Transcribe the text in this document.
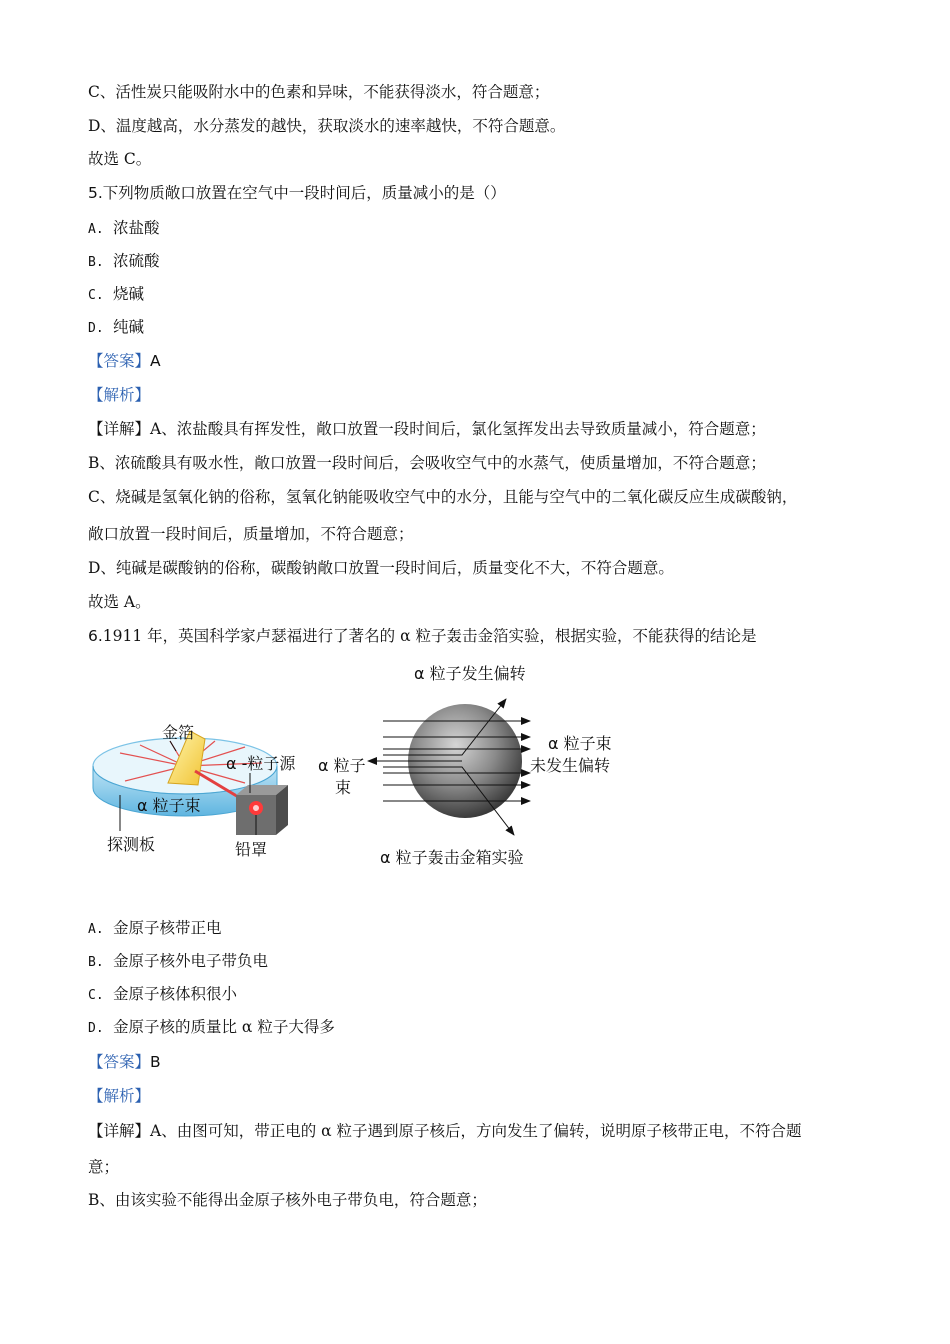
C、活性炭只能吸附水中的色素和异味，不能获得淡水，符合题意；
D、温度越高，水分蒸发的越快，获取淡水的速率越快，不符合题意。
故选 C。
5.下列物质敞口放置在空气中一段时间后，质量减小的是（）
A. 浓盐酸
B. 浓硫酸
C. 烧碱
D. 纯碱
【答案】A
【解析】
【详解】A、浓盐酸具有挥发性，敞口放置一段时间后，氯化氢挥发出去导致质量减小，符合题意；
B、浓硫酸具有吸水性，敞口放置一段时间后，会吸收空气中的水蒸气，使质量增加，不符合题意；
C、烧碱是氢氧化钠的俗称，氢氧化钠能吸收空气中的水分，且能与空气中的二氧化碳反应生成碳酸钠，
敞口放置一段时间后，质量增加，不符合题意；
D、纯碱是碳酸钠的俗称，碳酸钠敞口放置一段时间后，质量变化不大，不符合题意。
故选 A。
6.1911 年，英国科学家卢瑟福进行了著名的 α 粒子轰击金箔实验，根据实验，不能获得的结论是
金箔
α -粒子源
α 粒子束
探测板	铅罩
α 粒子发生偏转
α 粒子
束
α 粒子束
未发生偏转
α 粒子轰击金箱实验
A. 金原子核带正电
B. 金原子核外电子带负电
C. 金原子核体积很小
D. 金原子核的质量比 α 粒子大得多
【答案】B
【解析】
【详解】A、由图可知，带正电的 α 粒子遇到原子核后，方向发生了偏转，说明原子核带正电，不符合题
意；
B、由该实验不能得出金原子核外电子带负电，符合题意；
